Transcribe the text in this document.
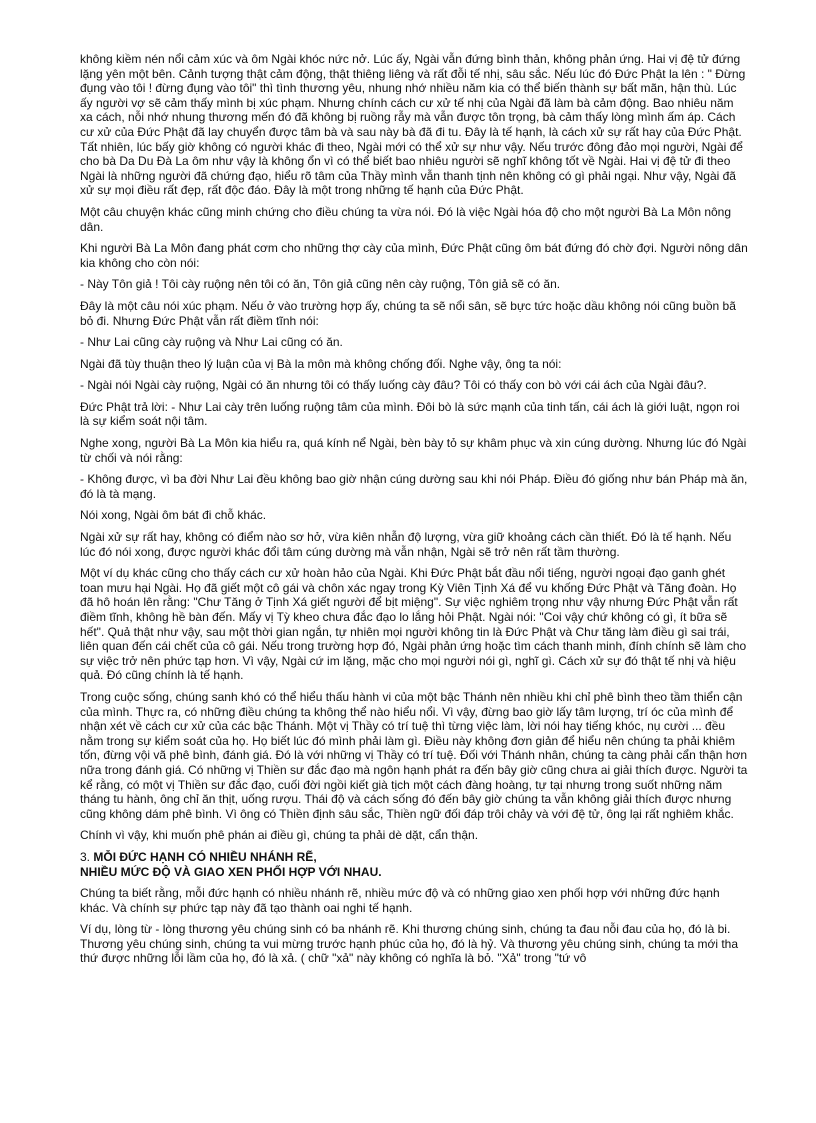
không kiềm nén nổi cảm xúc và ôm Ngài khóc nức nở. Lúc ấy, Ngài vẫn đứng bình thản, không phản ứng. Hai vị đệ tử đứng lặng yên một bên. Cảnh tượng thật cảm động, thật thiêng liêng và rất đỗi tế nhị, sâu sắc. Nếu lúc đó Đức Phật la lên : " Đừng đụng vào tôi ! đừng đụng vào tôi" thì tình thương yêu, nhung nhớ nhiều năm kia có thể biến thành sự bất mãn, hận thù. Lúc ấy người vợ sẽ cảm thấy mình bị xúc phạm. Nhưng chính cách cư xử tế nhị của Ngài đã làm bà cảm động. Bao nhiêu năm xa cách, nỗi nhớ nhung thương mến đó đã không bị ruồng rẫy mà vẫn được tôn trọng, bà cảm thấy lòng mình ấm áp. Cách cư xử của Đức Phật đã lay chuyển được tâm bà và sau này bà đã đi tu. Đây là tế hạnh, là cách xử sự rất hay của Đức Phật. Tất nhiên, lúc bấy giờ không có người khác đi theo, Ngài mới có thể xử sự như vậy. Nếu trước đông đảo mọi người, Ngài để cho bà Da Du Đà La ôm như vậy là không ổn vì có thể biết bao nhiêu người sẽ nghĩ không tốt về Ngài. Hai vị đệ tử đi theo Ngài là những người đã chứng đạo, hiểu rõ tâm của Thầy mình vẫn thanh tịnh nên không có gì phải ngại. Như vậy, Ngài đã xử sự mọi điều rất đẹp, rất độc đáo. Đây là một trong những tế hạnh của Đức Phật.

Một câu chuyện khác cũng minh chứng cho điều chúng ta vừa nói. Đó là việc Ngài hóa độ cho một người Bà La Môn nông dân.

Khi người Bà La Môn đang phát cơm cho những thợ cày của mình, Đức Phật cũng ôm bát đứng đó chờ đợi. Người nông dân kia không cho còn nói:

- Này Tôn giả ! Tôi cày ruộng nên tôi có ăn, Tôn giả cũng nên cày ruộng, Tôn giả sẽ có ăn.

Đây là một câu nói xúc phạm. Nếu ở vào trường hợp ấy, chúng ta sẽ nổi sân, sẽ bực tức hoặc dầu không nói cũng buồn bã bỏ đi. Nhưng Đức Phật vẫn rất điềm tĩnh nói:

- Như Lai cũng cày ruộng và Như Lai cũng có ăn.

Ngài đã tùy thuận theo lý luận của vị Bà la môn mà không chống đối. Nghe vậy, ông ta nói:

- Ngài nói Ngài cày ruộng, Ngài có ăn nhưng tôi có thấy luống cày đâu? Tôi có thấy con bò với cái ách của Ngài đâu?.

Đức Phật trả lời: - Như Lai cày trên luống ruộng tâm của mình. Đôi bò là sức mạnh của tinh tấn, cái ách là giới luật, ngọn roi là sự kiểm soát nội tâm.

Nghe xong, người Bà La Môn kia hiểu ra, quá kính nể Ngài, bèn bày tỏ sự khâm phục và xin cúng dường. Nhưng lúc đó Ngài từ chối và nói rằng:

- Không được, vì ba đời Như Lai đều không bao giờ nhận cúng dường sau khi nói Pháp. Điều đó giống như bán Pháp mà ăn, đó là tà mạng.

Nói xong, Ngài ôm bát đi chỗ khác.

Ngài xử sự rất hay, không có điểm nào sơ hở, vừa kiên nhẫn độ lượng, vừa giữ khoảng cách cần thiết. Đó là tế hạnh. Nếu lúc đó nói xong, được người khác đổi tâm cúng dường mà vẫn nhận, Ngài sẽ trở nên rất tầm thường.

Một ví dụ khác cũng cho thấy cách cư xử hoàn hảo của Ngài. Khi Đức Phật bắt đầu nổi tiếng, người ngoại đạo ganh ghét toan mưu hại Ngài. Họ đã giết một cô gái và chôn xác ngay trong Kỳ Viên Tịnh Xá để vu khống Đức Phật và Tăng đoàn. Họ đã hô hoán lên rằng: "Chư Tăng ở Tịnh Xá giết người để bịt miệng". Sự việc nghiêm trọng như vậy nhưng Đức Phật vẫn rất điềm tĩnh, không hề bàn đến. Mấy vị Tỳ kheo chưa đắc đạo lo lắng hỏi Phật. Ngài nói: "Coi vậy chứ không có gì, ít bữa sẽ hết". Quả thật như vậy, sau một thời gian ngắn, tự nhiên mọi người không tin là Đức Phật và Chư tăng làm điều gì sai trái, liên quan đến cái chết của cô gái. Nếu trong trường hợp đó, Ngài phản ứng hoặc tìm cách thanh minh, đính chính sẽ làm cho sự việc trở nên phức tạp hơn. Vì vậy, Ngài cứ im lặng, mặc cho mọi người nói gì, nghĩ gì. Cách xử sự đó thật tế nhị và hiệu quả. Đó cũng chính là tế hạnh.

Trong cuộc sống, chúng sanh khó có thể hiểu thấu hành vi của một bậc Thánh nên nhiều khi chỉ phê bình theo tầm thiển cận của mình. Thực ra, có những điều chúng ta không thể nào hiểu nổi. Vì vậy, đừng bao giờ lấy tâm lượng, trí óc của mình để nhận xét về cách cư xử của các bậc Thánh. Một vị Thầy có trí tuệ thì từng việc làm, lời nói hay tiếng khóc, nụ cười ... đều nằm trong sự kiểm soát của họ. Họ biết lúc đó mình phải làm gì. Điều này không đơn giản để hiểu nên chúng ta phải khiêm tốn, đừng vội vã phê bình, đánh giá. Đó là với những vị Thầy có trí tuệ. Đối với Thánh nhân, chúng ta càng phải cẩn thận hơn nữa trong đánh giá. Có những vị Thiền sư đắc đạo mà ngôn hạnh phát ra đến bây giờ cũng chưa ai giải thích được. Người ta kể rằng, có một vị Thiền sư đắc đạo, cuối đời ngồi kiết già tịch một cách đàng hoàng, tự tại nhưng trong suốt những năm tháng tu hành, ông chỉ ăn thịt, uống rượu. Thái độ và cách sống đó đến bây giờ chúng ta vẫn không giải thích được nhưng cũng không dám phê bình. Vì ông có Thiền định sâu sắc, Thiền ngữ đối đáp trôi chảy và với đệ tử, ông lại rất nghiêm khắc.

Chính vì vậy, khi muốn phê phán ai điều gì, chúng ta phải dè dặt, cẩn thận.

3. MỖI ĐỨC HẠNH CÓ NHIỀU NHÁNH RẼ,
NHIỀU MỨC ĐỘ VÀ GIAO XEN PHỐI HỢP VỚI NHAU.

Chúng ta biết rằng, mỗi đức hạnh có nhiều nhánh rẽ, nhiều mức độ và có những giao xen phối hợp với những đức hạnh khác. Và chính sự phức tạp này đã tạo thành oai nghi tế hạnh.

Ví dụ, lòng từ - lòng thương yêu chúng sinh có ba nhánh rẽ. Khi thương chúng sinh, chúng ta đau nỗi đau của họ, đó là bi. Thương yêu chúng sinh, chúng ta vui mừng trước hạnh phúc của họ, đó là hỷ. Và thương yêu chúng sinh, chúng ta mới tha thứ được những lỗi lầm của họ, đó là xả. ( chữ "xả" này không có nghĩa là bỏ. "Xả" trong "tứ vô
